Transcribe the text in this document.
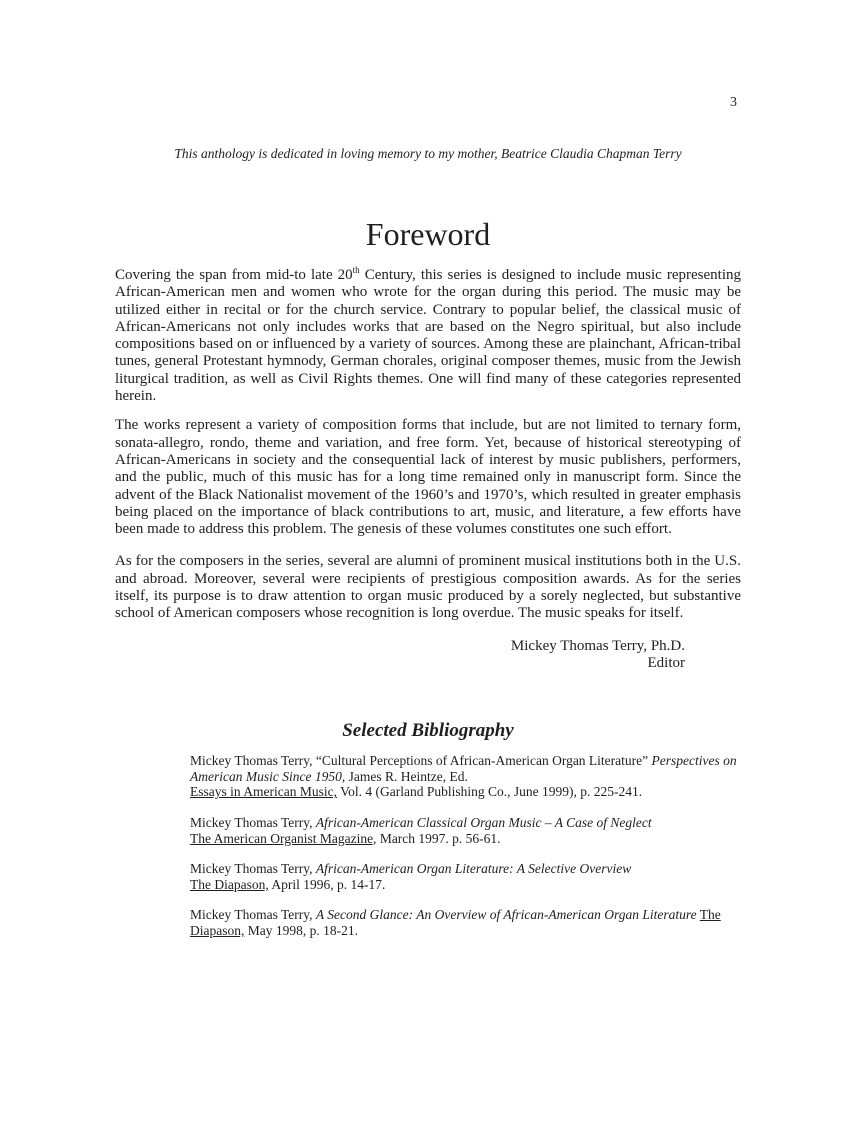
3
This anthology is dedicated in loving memory to my mother, Beatrice Claudia Chapman Terry
Foreword

Covering the span from mid-to late 20th Century, this series is designed to include music representing African-American men and women who wrote for the organ during this period. The music may be utilized either in recital or for the church service. Contrary to popular belief, the classical music of African-Americans not only includes works that are based on the Negro spiritual, but also include compositions based on or influenced by a variety of sources. Among these are plainchant, African-tribal tunes, general Protestant hymnody, German chorales, original composer themes, music from the Jewish liturgical tradition, as well as Civil Rights themes. One will find many of these categories represented herein.

The works represent a variety of composition forms that include, but are not limited to ternary form, sonata-allegro, rondo, theme and variation, and free form. Yet, because of historical stereotyping of African-Americans in society and the consequential lack of interest by music publishers, performers, and the public, much of this music has for a long time remained only in manuscript form. Since the advent of the Black Nationalist movement of the 1960’s and 1970’s, which resulted in greater emphasis being placed on the importance of black contributions to art, music, and literature, a few efforts have been made to address this problem. The genesis of these volumes constitutes one such effort.

As for the composers in the series, several are alumni of prominent musical institutions both in the U.S. and abroad. Moreover, several were recipients of prestigious composition awards. As for the series itself, its purpose is to draw attention to organ music produced by a sorely neglected, but substantive school of American composers whose recognition is long overdue. The music speaks for itself.

Mickey Thomas Terry, Ph.D.
Editor
Selected Bibliography
Mickey Thomas Terry, “Cultural Perceptions of African-American Organ Literature” Perspectives on
American Music Since 1950, James R. Heintze, Ed.
Essays in American Music, Vol. 4 (Garland Publishing Co., June 1999), p. 225-241.
Mickey Thomas Terry, African-American Classical Organ Music – A Case of Neglect
The American Organist Magazine, March 1997. p. 56-61.
Mickey Thomas Terry, African-American Organ Literature: A Selective Overview
The Diapason, April 1996, p. 14-17.
Mickey Thomas Terry, A Second Glance: An Overview of African-American Organ Literature The
Diapason, May 1998, p. 18-21.
